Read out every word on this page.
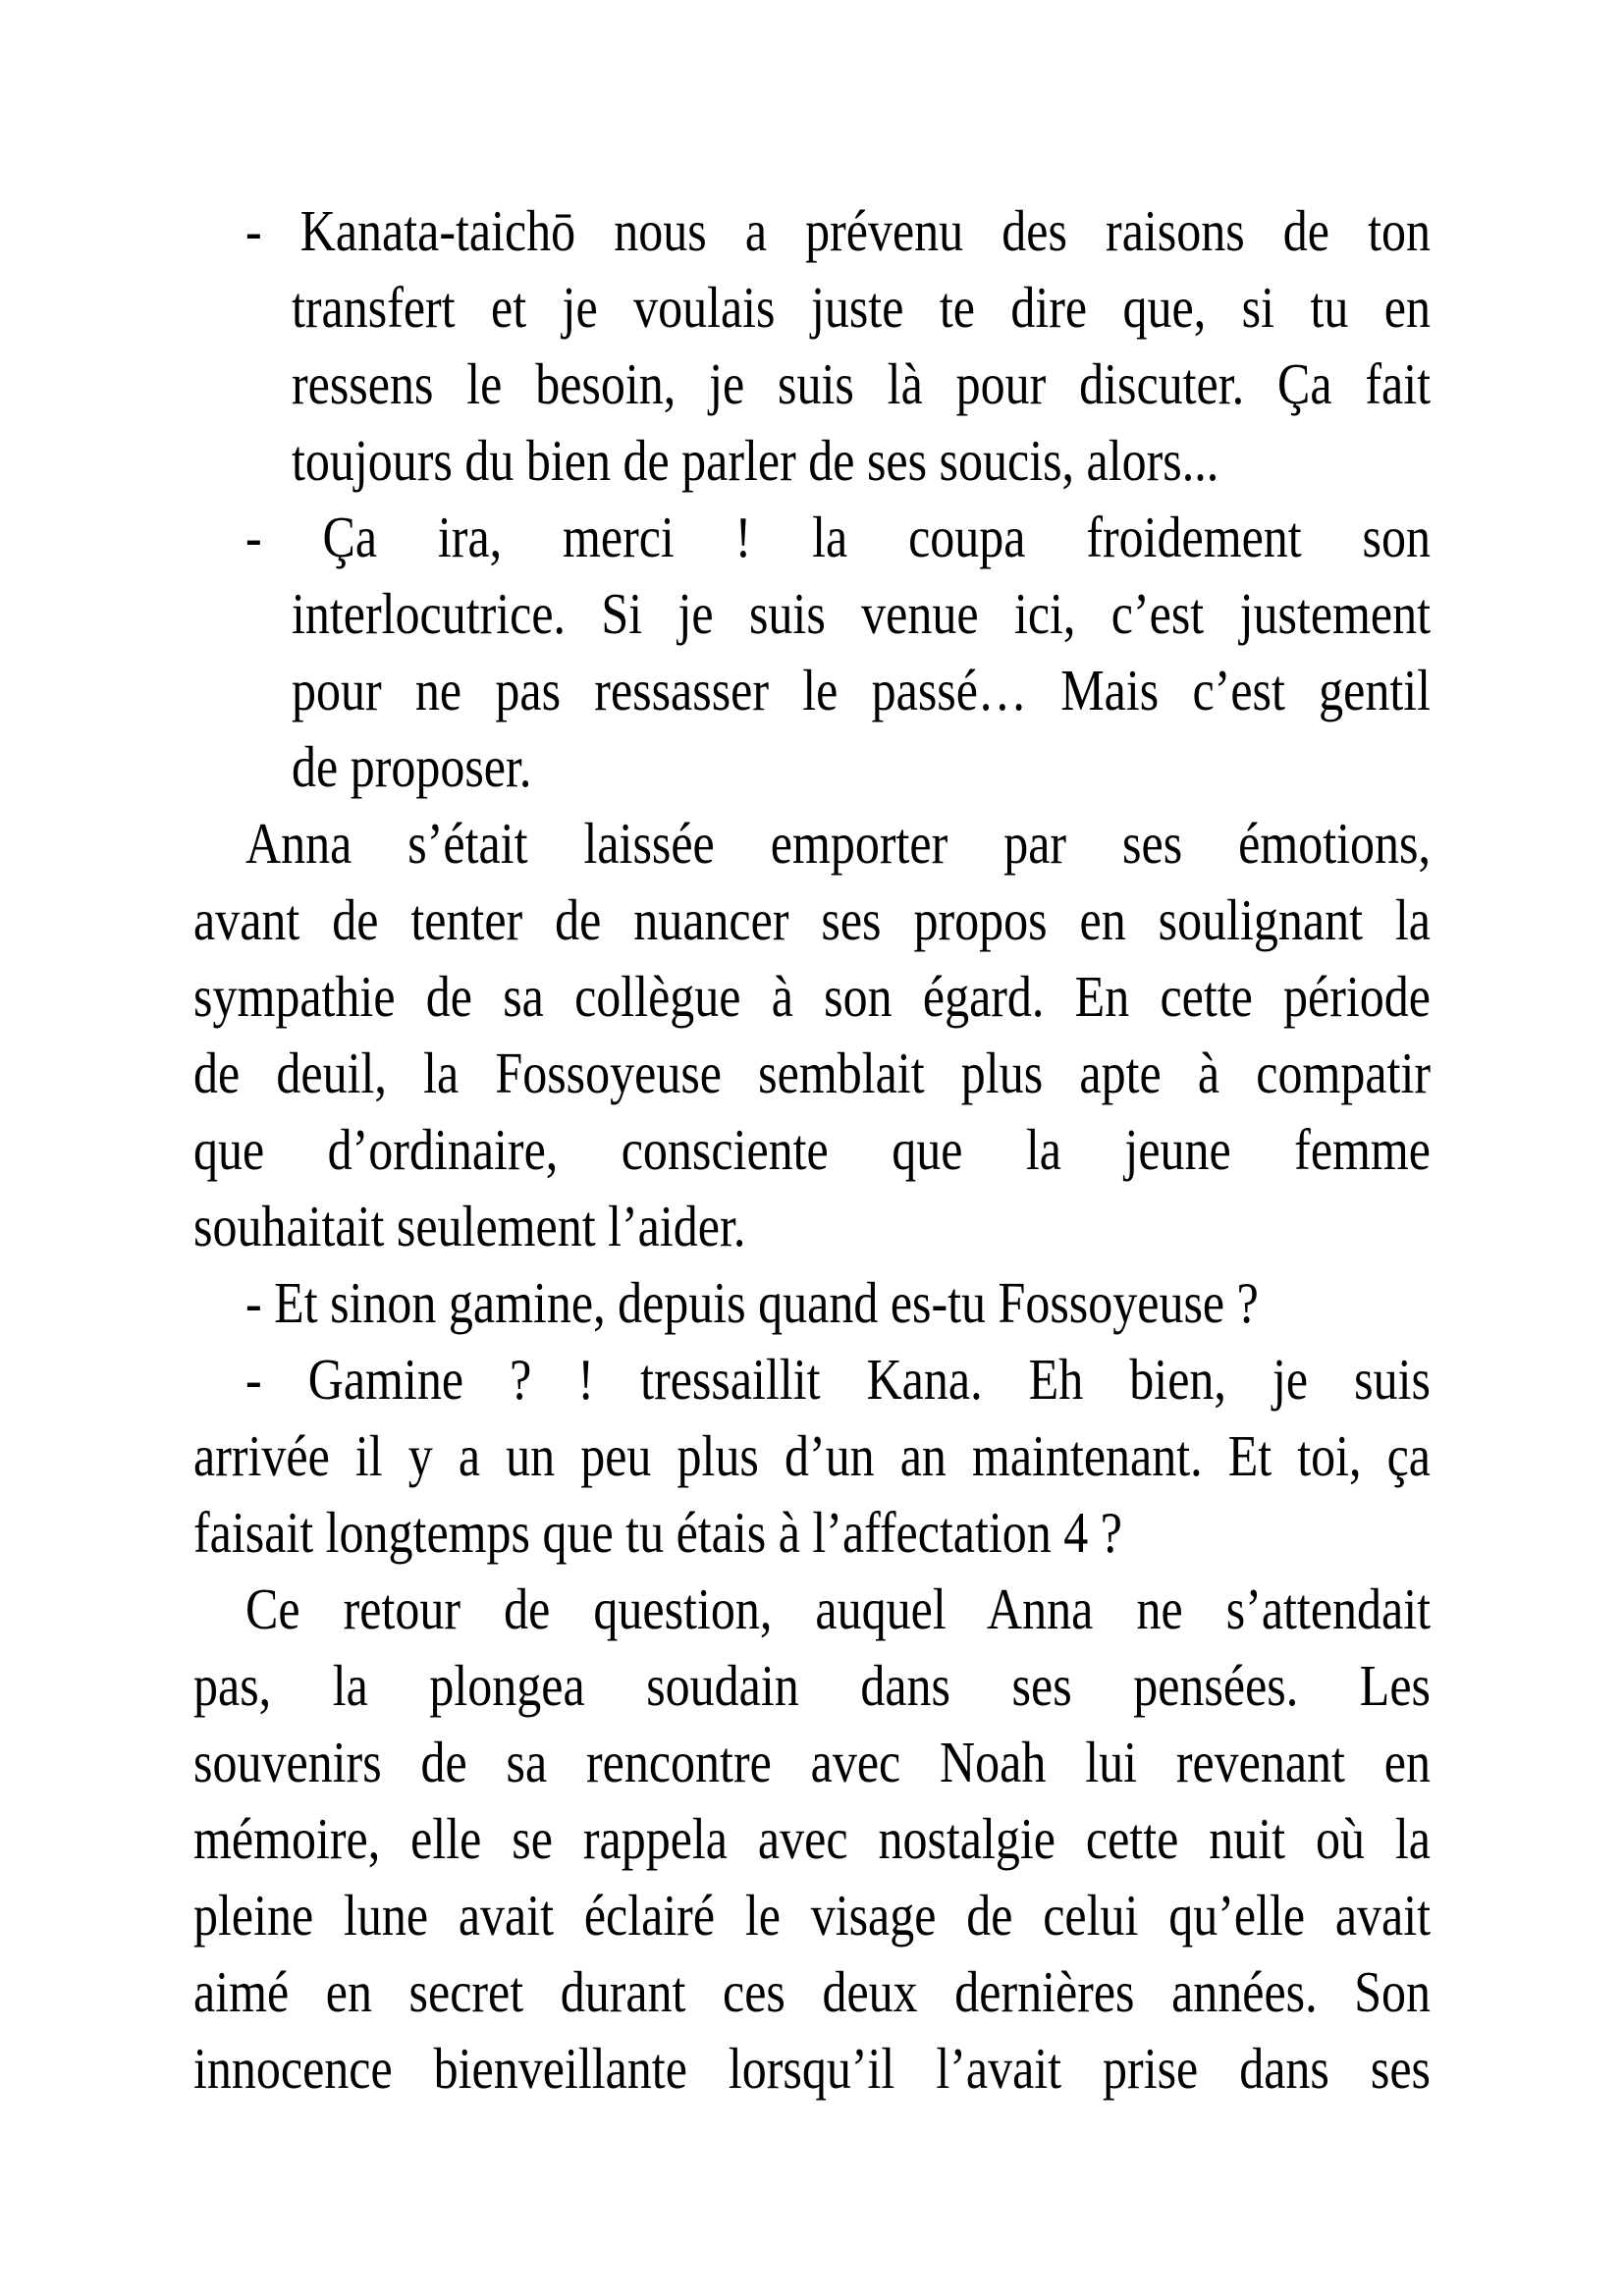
- Kanata-taichō nous a prévenu des raisons de ton

transfert et je voulais juste te dire que, si tu en

ressens le besoin, je suis là pour discuter. Ça fait

toujours du bien de parler de ses soucis, alors...

- Ça ira, merci ! la coupa froidement son

interlocutrice. Si je suis venue ici, c’est justement

pour ne pas ressasser le passé… Mais c’est gentil

de proposer.

Anna s’était laissée emporter par ses émotions,

avant de tenter de nuancer ses propos en soulignant la

sympathie de sa collègue à son égard. En cette période

de deuil, la Fossoyeuse semblait plus apte à compatir

que d’ordinaire, consciente que la jeune femme

souhaitait seulement l’aider.

- Et sinon gamine, depuis quand es-tu Fossoyeuse ?

- Gamine ? ! tressaillit Kana. Eh bien, je suis

arrivée il y a un peu plus d’un an maintenant. Et toi, ça

faisait longtemps que tu étais à l’affectation 4 ?

Ce retour de question, auquel Anna ne s’attendait

pas, la plongea soudain dans ses pensées. Les

souvenirs de sa rencontre avec Noah lui revenant en

mémoire, elle se rappela avec nostalgie cette nuit où la

pleine lune avait éclairé le visage de celui qu’elle avait

aimé en secret durant ces deux dernières années. Son

innocence bienveillante lorsqu’il l’avait prise dans ses
